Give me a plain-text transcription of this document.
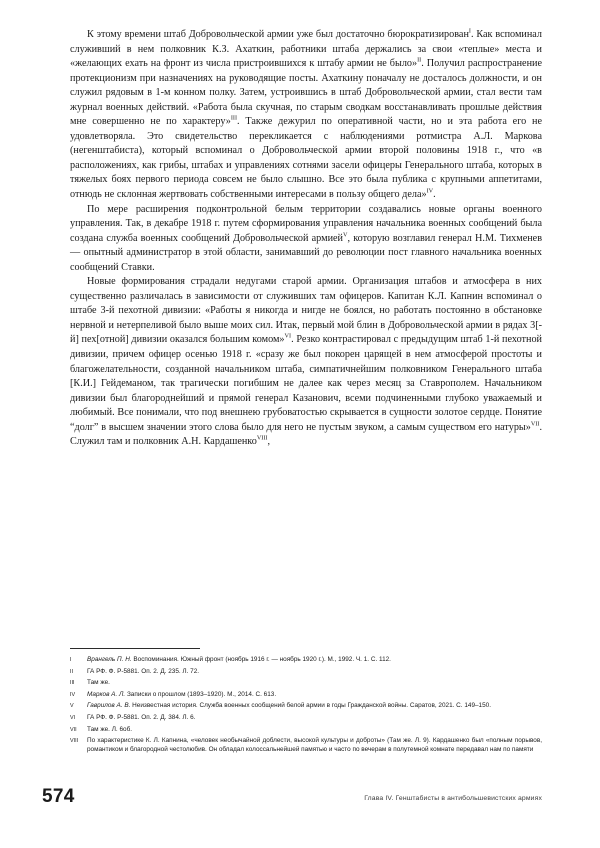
К этому времени штаб Добровольческой армии уже был достаточно бюрократизирован$^I$. Как вспоминал служивший в нем полковник К.З. Ахаткин, работники штаба держались за свои «теплые» места и «желающих ехать на фронт из числа пристроившихся к штабу армии не было»$^{II}$. Получил распространение протекционизм при назначениях на руководящие посты. Ахаткину поначалу не досталось должности, и он служил рядовым в 1-м конном полку. Затем, устроившись в штаб Добровольческой армии, стал вести там журнал военных действий. «Работа была скучная, по старым сводкам восстанавливать прошлые действия мне совершенно не по характеру»$^{III}$. Также дежурил по оперативной части, но и эта работа его не удовлетворяла. Это свидетельство перекликается с наблюдениями ротмистра А.Л. Маркова (негенштабиста), который вспоминал о Добровольческой армии второй половины 1918 г., что «в расположениях, как грибы, штабах и управлениях сотнями засели офицеры Генерального штаба, которых в тяжелых боях первого периода совсем не было слышно. Все это была публика с крупными аппетитами, отнюдь не склонная жертвовать собственными интересами в пользу общего дела»$^{IV}$.

По мере расширения подконтрольной белым территории создавались новые органы военного управления. Так, в декабре 1918 г. путем сформирования управления начальника военных сообщений была создана служба военных сообщений Добровольческой армией$^V$, которую возглавил генерал Н.М. Тихменев — опытный администратор в этой области, занимавший до революции пост главного начальника военных сообщений Ставки.

Новые формирования страдали недугами старой армии. Организация штабов и атмосфера в них существенно различалась в зависимости от служивших там офицеров. Капитан К.Л. Капнин вспоминал о штабе 3-й пехотной дивизии: «Работы я никогда и нигде не боялся, но работать постоянно в обстановке нервной и нетерпеливой было выше моих сил. Итак, первый мой блин в Добровольческой армии в рядах 3[-й] пех[отной] дивизии оказался большим комом»$^{VI}$. Резко контрастировал с предыдущим штаб 1-й пехотной дивизии, причем офицер осенью 1918 г. «сразу же был покорен царящей в нем атмосферой простоты и благожелательности, созданной начальником штаба, симпатичнейшим полковником Генерального штаба [К.И.] Гейдеманом, так трагически погибшим не далее как через месяц за Ставрополем. Начальником дивизии был благороднейший и прямой генерал Казанович, всеми подчиненными глубоко уважаемый и любимый. Все понимали, что под внешнею грубоватостью скрывается в сущности золотое сердце. Понятие “долг” в высшем значении этого слова было для него не пустым звуком, а самым существом его натуры»$^{VII}$. Служил там и полковник А.Н. Кардашенко$^{VIII}$,

I	Врангель П. Н. Воспоминания. Южный фронт (ноябрь 1916 г. — ноябрь 1920 г.). М., 1992. Ч. 1. С. 112.
II	ГА РФ. Ф. Р-5881. Оп. 2. Д. 235. Л. 72.
III	Там же.
IV	Марков А. Л. Записки о прошлом (1893–1920). М., 2014. С. 613.
V	Гаврилов А. В. Неизвестная история. Служба военных сообщений белой армии в годы Гражданской войны. Саратов, 2021. С. 149–150.
VI	ГА РФ. Ф. Р-5881. Оп. 2. Д. 384. Л. 6.
VII	Там же. Л. 6об.
VIII	По характеристике К. Л. Капнина, «человек необычайной доблести, высокой культуры и доброты» (Там же. Л. 9). Кардашенко был «полным порывов, романтиком и благородной честолюбив. Он обладал колоссальнейшей памятью и часто по вечерам в полутемной комнате передавал нам по памяти
574	Глава IV. Генштабисты в антибольшевистских армиях
